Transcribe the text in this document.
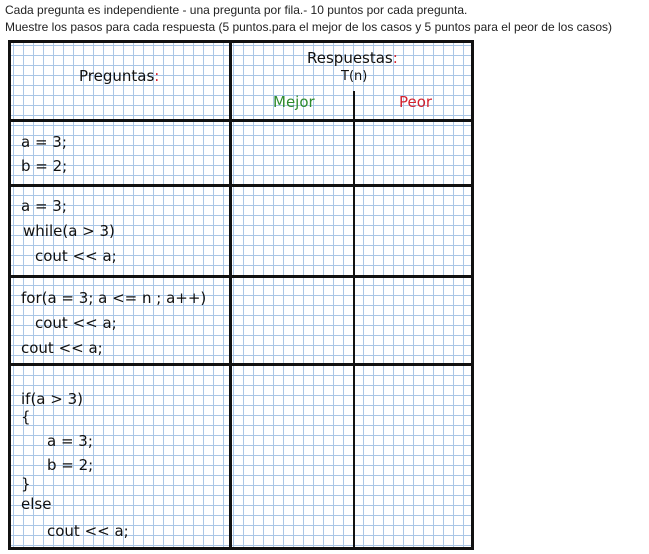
Cada pregunta es independiente - una pregunta por fila.- 10 puntos por cada pregunta.
Muestre los pasos para cada respuesta (5 puntos.para el mejor de los casos y 5 puntos para el peor de los casos)
Preguntas:
Respuestas:
T(n)
Mejor	Peor
a = 3;
b = 2;
a = 3;
while(a > 3)
cout << a;
for(a = 3; a <= n ; a++)
cout << a;
cout << a;
if(a > 3)
{
a = 3;
b = 2;
}
else
cout << a;
